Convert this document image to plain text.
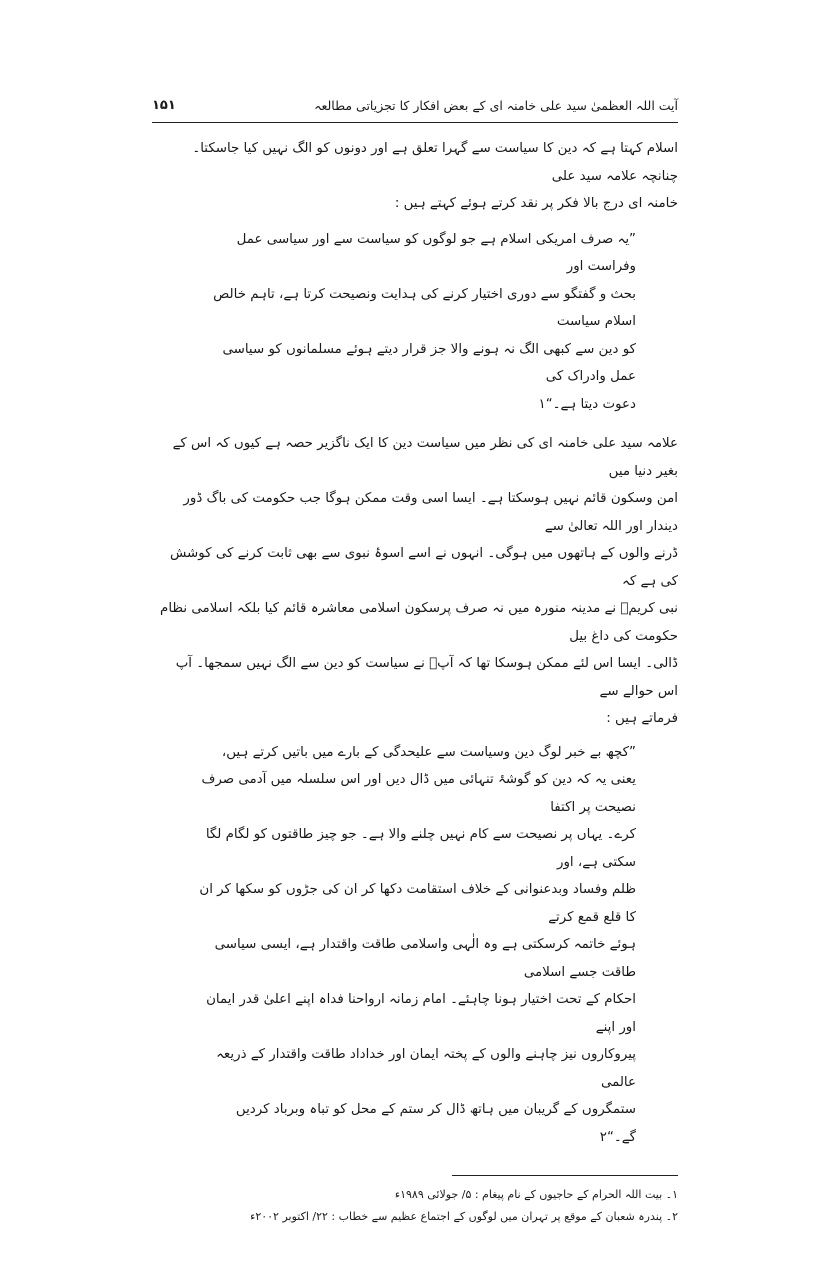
آیت اللہ العظمیٰ سید علی خامنہ ای کے بعض افکار کا تجزیاتی مطالعہ
۱۵۱
اسلام کہتا ہے کہ دین کا سیاست سے گہرا تعلق ہے اور دونوں کو الگ نہیں کیا جاسکتا۔ چنانچہ علامہ سید علی
خامنہ ای درج بالا فکر پر نقد کرتے ہوئے کہتے ہیں :
”یہ صرف امریکی اسلام ہے جو لوگوں کو سیاست سے اور سیاسی عمل وفراست اور
بحث و گفتگو سے دوری اختیار کرنے کی ہدایت ونصیحت کرتا ہے، تاہم خالص اسلام سیاست
کو دین سے کبھی الگ نہ ہونے والا جز قرار دیتے ہوئے مسلمانوں کو سیاسی عمل وادراک کی
دعوت دیتا ہے۔“۱
علامہ سید علی خامنہ ای کی نظر میں سیاست دین کا ایک ناگزیر حصہ ہے کیوں کہ اس کے بغیر دنیا میں
امن وسکون قائم نہیں ہوسکتا ہے۔ ایسا اسی وقت ممکن ہوگا جب حکومت کی باگ ڈور دیندار اور اللہ تعالیٰ سے
ڈرنے والوں کے ہاتھوں میں ہوگی۔ انہوں نے اسے اسوۂ نبوی سے بھی ثابت کرنے کی کوشش کی ہے کہ
نبی کریمؐ نے مدینہ منورہ میں نہ صرف پرسکون اسلامی معاشرہ قائم کیا بلکہ اسلامی نظام حکومت کی داغ بیل
ڈالی۔ ایسا اس لئے ممکن ہوسکا تھا کہ آپؐ نے سیاست کو دین سے الگ نہیں سمجھا۔ آپ اس حوالے سے
فرماتے ہیں :
”کچھ بے خبر لوگ دین وسیاست سے علیحدگی کے بارے میں باتیں کرتے ہیں،
یعنی یہ کہ دین کو گوشۂ تنہائی میں ڈال دیں اور اس سلسلہ میں آدمی صرف نصیحت پر اکتفا
کرے۔ یہاں پر نصیحت سے کام نہیں چلنے والا ہے۔ جو چیز طاقتوں کو لگام لگا سکتی ہے، اور
ظلم وفساد وبدعنوانی کے خلاف استقامت دکھا کر ان کی جڑوں کو سکھا کر ان کا قلع قمع کرتے
ہوئے خاتمہ کرسکتی ہے وہ الٰہی واسلامی طاقت واقتدار ہے، ایسی سیاسی طاقت جسے اسلامی
احکام کے تحت اختیار ہونا چاہئے۔ امام زمانہ ارواحنا فداہ اپنے اعلیٰ قدر ایمان اور اپنے
پیروکاروں نیز چاہنے والوں کے پختہ ایمان اور خداداد طاقت واقتدار کے ذریعہ عالمی
ستمگروں کے گریبان میں ہاتھ ڈال کر ستم کے محل کو تباہ وبرباد کردیں گے۔“۲
۱۔ بیت اللہ الحرام کے حاجیوں کے نام پیغام : ۵/ جولائی ۱۹۸۹ء
۲۔ پندرہ شعبان کے موقع پر تہران میں لوگوں کے اجتماع عظیم سے خطاب : ۲۲/ اکتوبر ۲۰۰۲ء
